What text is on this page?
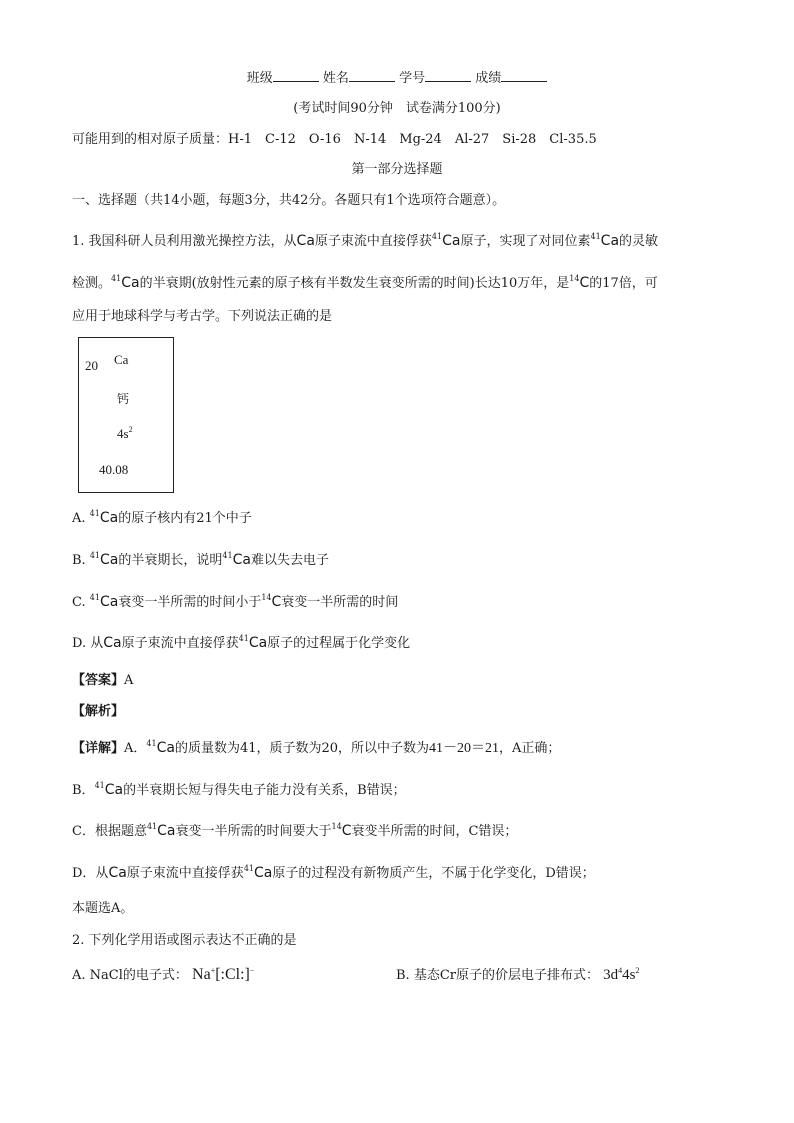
班级	姓名	学号	成绩
(考试时间90分钟　试卷满分100分)
可能用到的相对原子质量：H-1　C-12　O-16　N-14　Mg-24　Al-27　Si-28　Cl-35.5
第一部分选择题
一、选择题（共14小题，每题3分，共42分。各题只有1个选项符合题意）。
1. 我国科研人员利用激光操控方法，从Ca原子束流中直接俘获$^{41}$Ca原子，实现了对同位素$^{41}$Ca的灵敏
检测。$^{41}$Ca的半衰期(放射性元素的原子核有半数发生衰变所需的时间)长达10万年，是$^{14}$C的17倍，可
应用于地球科学与考古学。下列说法正确的是
20 Ca
钙
$4s^2$
40.08
A. $^{41}$Ca的原子核内有21个中子
B. $^{41}$Ca的半衰期长，说明$^{41}$Ca难以失去电子
C. $^{41}$Ca衰变一半所需的时间小于$^{14}$C衰变一半所需的时间
D. 从Ca原子束流中直接俘获$^{41}$Ca原子的过程属于化学变化
【答案】A
【解析】
【详解】A．$^{41}$Ca的质量数为41，质子数为20，所以中子数为41－20＝21，A正确；
B．$^{41}$Ca的半衰期长短与得失电子能力没有关系，B错误；
C．根据题意$^{41}$Ca衰变一半所需的时间要大于$^{14}$C衰变半所需的时间，C错误；
D．从Ca原子束流中直接俘获$^{41}$Ca原子的过程没有新物质产生，不属于化学变化，D错误；
本题选A。
2. 下列化学用语或图示表达不正确的是
A. NaCl的电子式： Na+[:Cl:]−	B. 基态Cr原子的价层电子排布式： $3d^44s^2$
